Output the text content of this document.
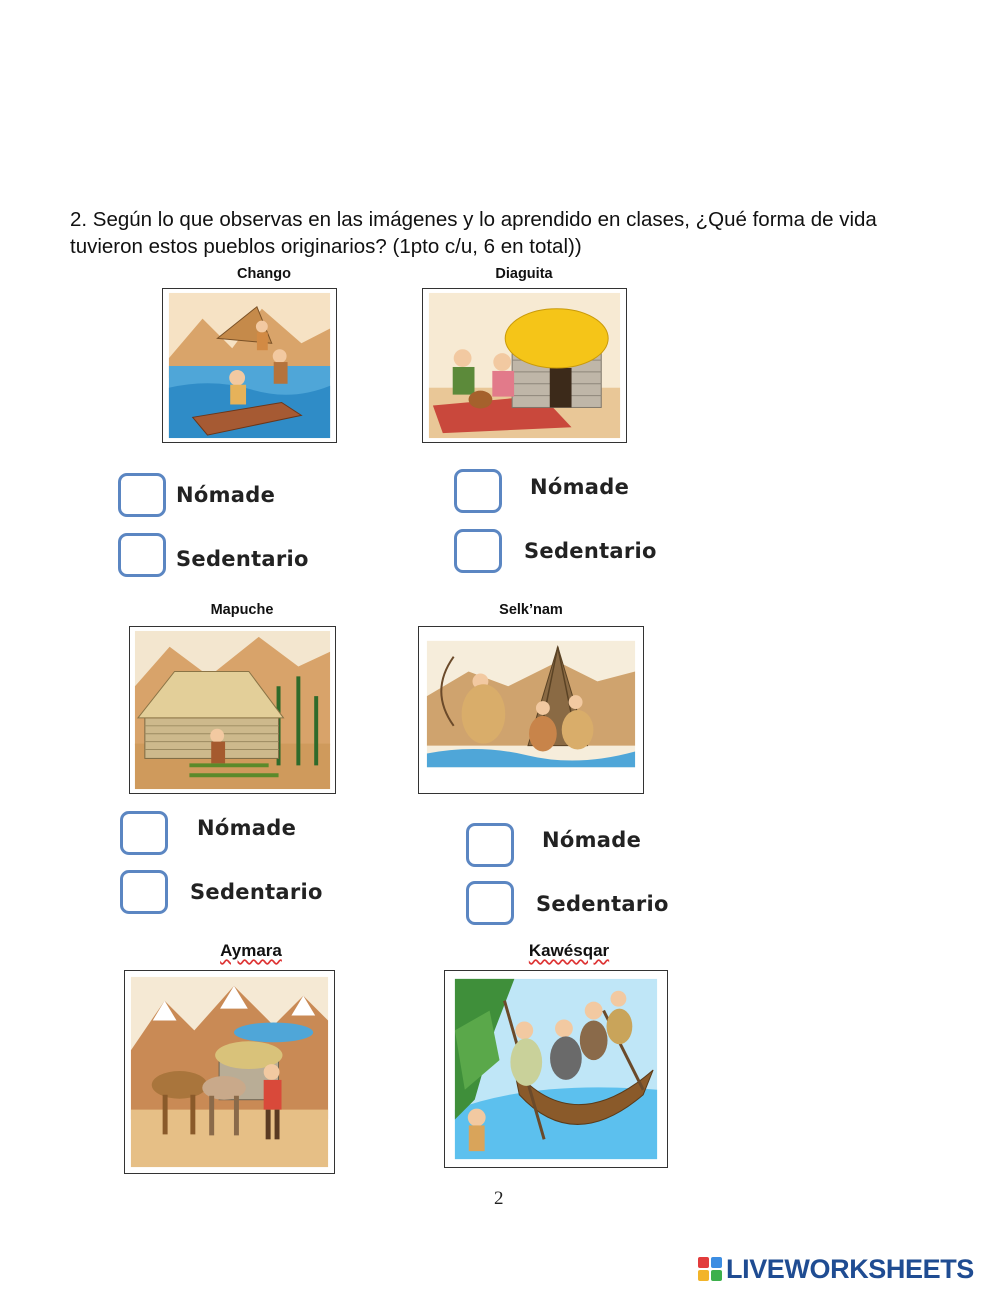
2. Según lo que observas en las imágenes y lo aprendido en clases, ¿Qué forma de vida tuvieron estos pueblos originarios? (1pto c/u, 6 en total))
Chango	Diaguita
Nómade
Sedentario
Nómade
Sedentario
Mapuche	Selk’nam
Nómade
Sedentario
Nómade
Sedentario
Aymara	Kawésqar
2
LIVEWORKSHEETS
